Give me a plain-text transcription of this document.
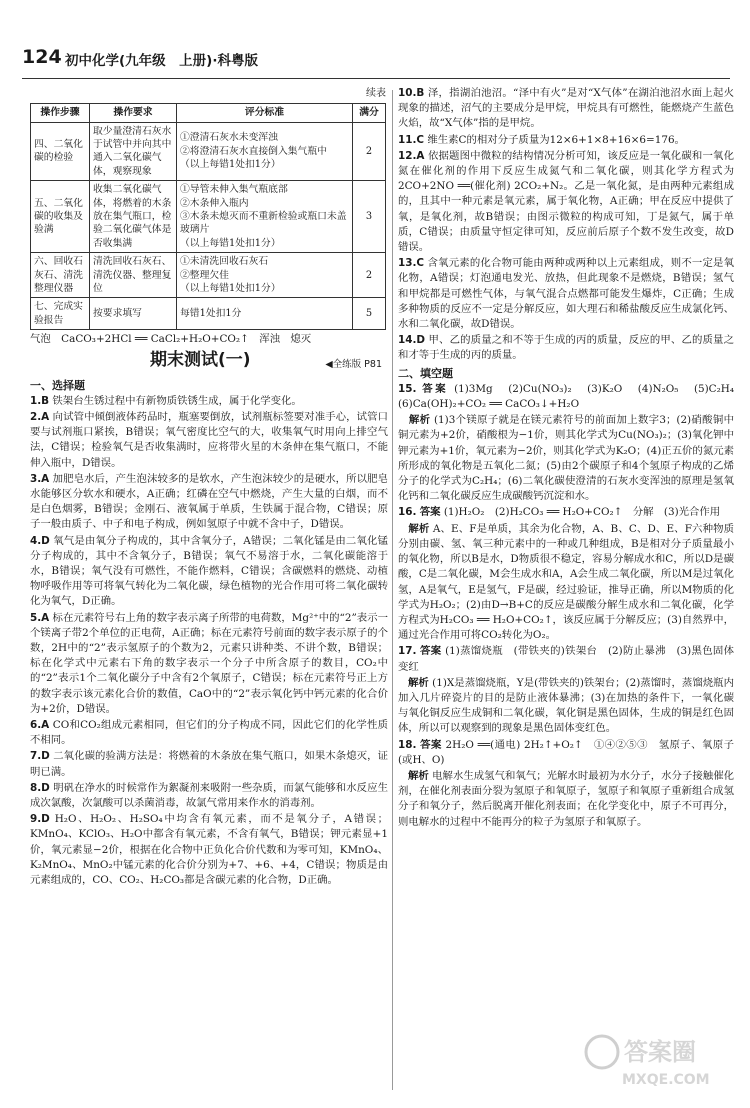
124 初中化学(九年级　上册)·科粤版
续表
操作步骤	操作要求	评分标准	满分
四、二氧化碳的检验	取少量澄清石灰水于试管中并向其中通入二氧化碳气体，观察现象	①澄清石灰水未变浑浊
②将澄清石灰水直接倒入集气瓶中
（以上每错1处扣1分）	2
五、二氧化碳的收集及验满	收集二氧化碳气体，将燃着的木条放在集气瓶口，检验二氧化碳气体是否收集满	①导管未伸入集气瓶底部
②木条伸入瓶内
③木条未熄灭而不重新检验或瓶口未盖玻璃片
（以上每错1处扣1分）	3
六、回收石灰石、清洗整理仪器	清洗回收石灰石、清洗仪器、整理复位	①未清洗回收石灰石
②整理欠佳
（以上每错1处扣1分）	2
七、完成实验报告	按要求填写	每错1处扣1分	5
气泡　CaCO₃+2HCl ══ CaCl₂+H₂O+CO₂↑　浑浊　熄灭
期末测试(一)	◀全练版 P81
一、选择题
1.B 铁架台生锈过程中有新物质铁锈生成，属于化学变化。
2.A 向试管中倾倒液体药品时，瓶塞要倒放，试剂瓶标签要对准手心，试管口要与试剂瓶口紧挨，B错误；氧气密度比空气的大，收集氧气时用向上排空气法，C错误；检验氧气是否收集满时，应将带火星的木条伸在集气瓶口，不能伸入瓶中，D错误。
3.A 加肥皂水后，产生泡沫较多的是软水，产生泡沫较少的是硬水，所以肥皂水能够区分软水和硬水，A正确；红磷在空气中燃烧，产生大量的白烟，而不是白色烟雾，B错误；金刚石、液氧属于单质，生铁属于混合物，C错误；原子一般由质子、中子和电子构成，例如氢原子中就不含中子，D错误。
4.D 氧气是由氧分子构成的，其中含氧分子，A错误；二氧化锰是由二氧化锰分子构成的，其中不含氧分子，B错误；氧气不易溶于水，二氧化碳能溶于水，B错误；氧气没有可燃性，不能作燃料，C错误；含碳燃料的燃烧、动植物呼吸作用等可将氧气转化为二氧化碳，绿色植物的光合作用可将二氧化碳转化为氧气，D正确。
5.A 标在元素符号右上角的数字表示离子所带的电荷数，Mg²⁺中的“2”表示一个镁离子带2个单位的正电荷，A正确；标在元素符号前面的数字表示原子的个数，2H中的“2”表示氢原子的个数为2，元素只讲种类、不讲个数，B错误；标在化学式中元素右下角的数字表示一个分子中所含原子的数目，CO₂中的“2”表示1个二氧化碳分子中含有2个氧原子，C错误；标在元素符号正上方的数字表示该元素化合价的数值，CaO中的“2”表示氧化钙中钙元素的化合价为+2价，D错误。
6.A CO和CO₂组成元素相同，但它们的分子构成不同，因此它们的化学性质不相同。
7.D 二氧化碳的验满方法是：将燃着的木条放在集气瓶口，如果木条熄灭，证明已满。
8.D 明矾在净水的时候常作为絮凝剂来吸附一些杂质，而氯气能够和水反应生成次氯酸，次氯酸可以杀菌消毒，故氯气常用来作水的消毒剂。
9.D H₂O、H₂O₂、H₂SO₄中均含有氧元素，而不是氧分子，A错误；KMnO₄、KClO₃、H₂O中都含有氧元素，不含有氧气，B错误；钾元素显+1价，氧元素显−2价，根据在化合物中正负化合价代数和为零可知，KMnO₄、K₂MnO₄、MnO₂中锰元素的化合价分别为+7、+6、+4，C错误；物质是由元素组成的，CO、CO₂、H₂CO₃都是含碳元素的化合物，D正确。
10.B 泽，指湖泊池沼。“泽中有火”是对“X气体”在湖泊池沼水面上起火现象的描述，沼气的主要成分是甲烷，甲烷具有可燃性，能燃烧产生蓝色火焰，故“X气体”指的是甲烷。
11.C 维生素C的相对分子质量为12×6+1×8+16×6=176。
12.A 依据题图中微粒的结构情况分析可知，该反应是一氧化碳和一氧化氮在催化剂的作用下反应生成氮气和二氧化碳，则其化学方程式为2CO+2NO ══(催化剂) 2CO₂+N₂。乙是一氧化氮，是由两种元素组成的，且其中一种元素是氧元素，属于氧化物，A正确；甲在反应中提供了氧，是氧化剂，故B错误；由图示微粒的构成可知，丁是氮气，属于单质，C错误；由质量守恒定律可知，反应前后原子个数不发生改变，故D错误。
13.C 含氧元素的化合物可能由两种或两种以上元素组成，则不一定是氧化物，A错误；灯泡通电发光、放热，但此现象不是燃烧，B错误；氢气和甲烷都是可燃性气体，与氧气混合点燃都可能发生爆炸，C正确；生成多种物质的反应不一定是分解反应，如大理石和稀盐酸反应生成氯化钙、水和二氧化碳，故D错误。
14.D 甲、乙的质量之和不等于生成的丙的质量，反应的甲、乙的质量之和才等于生成的丙的质量。
二、填空题
15. 答案 (1)3Mg　(2)Cu(NO₃)₂　(3)K₂O　(4)N₂O₅　(5)C₂H₄　(6)Ca(OH)₂+CO₂ ══ CaCO₃↓+H₂O
解析 (1)3个镁原子就是在镁元素符号的前面加上数字3；(2)硝酸铜中铜元素为+2价，硝酸根为−1价，则其化学式为Cu(NO₃)₂；(3)氧化钾中钾元素为+1价，氧元素为−2价，则其化学式为K₂O；(4)正五价的氮元素所形成的氧化物是五氧化二氮；(5)由2个碳原子和4个氢原子构成的乙烯分子的化学式为C₂H₄；(6)二氧化碳使澄清的石灰水变浑浊的原理是氢氧化钙和二氧化碳反应生成碳酸钙沉淀和水。
16. 答案 (1)H₂O₂　(2)H₂CO₃ ══ H₂O+CO₂↑　分解　(3)光合作用
解析 A、E、F是单质，其余为化合物，A、B、C、D、E、F六种物质分别由碳、氢、氧三种元素中的一种或几种组成，B是相对分子质量最小的氧化物，所以B是水，D物质很不稳定，容易分解成水和C，所以D是碳酸，C是二氧化碳，M会生成水和A，A会生成二氧化碳，所以M是过氧化氢，A是氧气，E是氢气，F是碳，经过验证，推导正确，所以M物质的化学式为H₂O₂；(2)由D→B+C的反应是碳酸分解生成水和二氧化碳，化学方程式为H₂CO₃ ══ H₂O+CO₂↑，该反应属于分解反应；(3)自然界中，通过光合作用可将CO₂转化为O₂。
17. 答案 (1)蒸馏烧瓶　(带铁夹的)铁架台　(2)防止暴沸　(3)黑色固体变红
解析 (1)X是蒸馏烧瓶，Y是(带铁夹的)铁架台；(2)蒸馏时，蒸馏烧瓶内加入几片碎瓷片的目的是防止液体暴沸；(3)在加热的条件下，一氧化碳与氧化铜反应生成铜和二氧化碳，氧化铜是黑色固体，生成的铜是红色固体，所以可以观察到的现象是黑色固体变红色。
18. 答案 2H₂O ══(通电) 2H₂↑+O₂↑　①④②⑤③　氢原子、氧原子(或H、O)
解析 电解水生成氢气和氧气；光解水时最初为水分子，水分子接触催化剂，在催化剂表面分裂为氢原子和氧原子，氢原子和氧原子重新组合成氢分子和氧分子，然后脱离开催化剂表面；在化学变化中，原子不可再分，则电解水的过程中不能再分的粒子为氢原子和氧原子。
答案圈
MXQE.COM
